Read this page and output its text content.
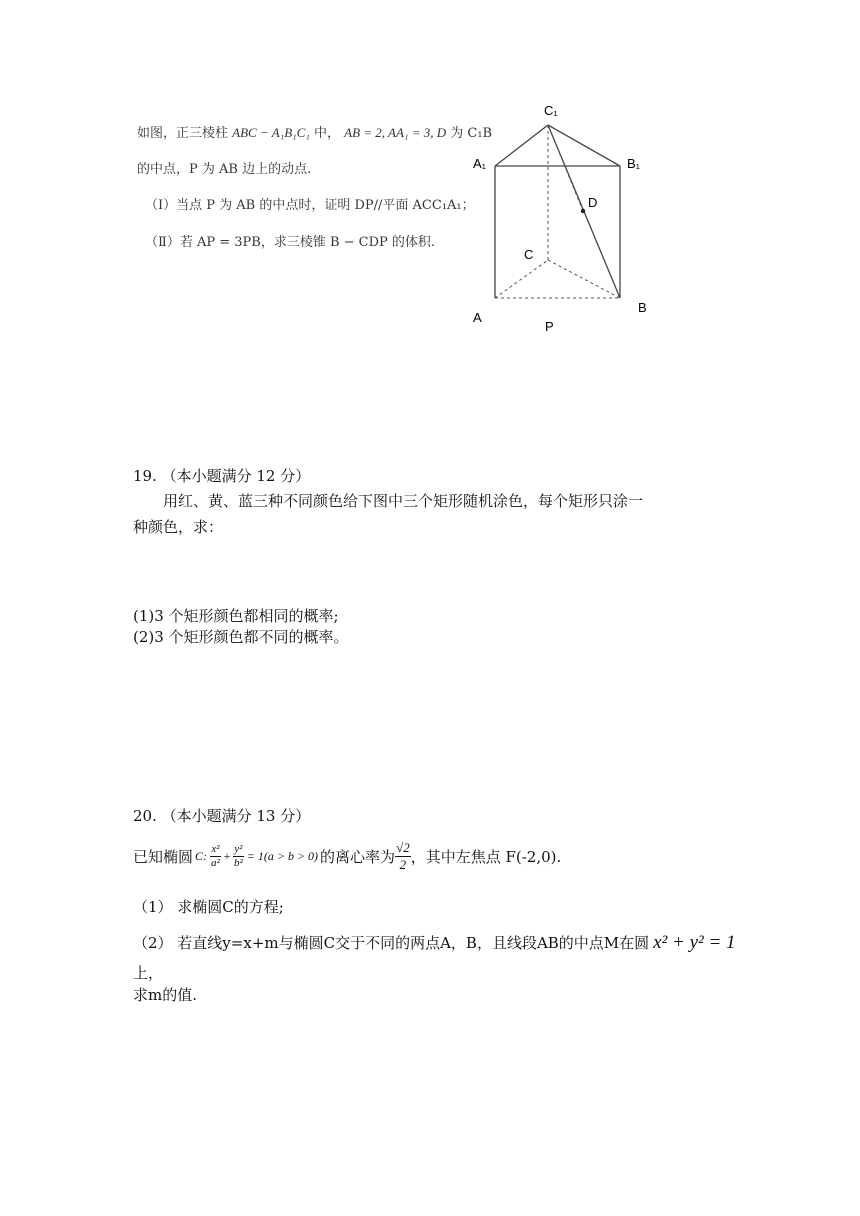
如图，正三棱柱 ABC − A₁B₁C₁ 中， AB = 2, AA₁ = 3, D 为 C₁B
的中点，P 为 AB 边上的动点.
（Ⅰ）当点 P 为 AB 的中点时，证明 DP//平面 ACC₁A₁；
（Ⅱ）若 AP = 3PB，求三棱锥 B − CDP 的体积.
C₁
A₁	B₁
D
C
A
B
P
19. （本小题满分 12 分）
用红、黄、蓝三种不同颜色给下图中三个矩形随机涂色，每个矩形只涂一
种颜色，求：
(1)3 个矩形颜色都相同的概率;
(2)3 个矩形颜色都不同的概率。
20. （本小题满分 13 分）
已知椭圆 C: $\frac{\text{x²}}{\text{a²}} + \frac{\text{y²}}{\text{b²}} = 1(a > b > 0)$ 的离心率为 $\frac{√2}{2}$ ，其中左焦点 F(-2,0).
（1） 求椭圆C的方程;
（2） 若直线y=x+m与椭圆C交于不同的两点A，B，且线段AB的中点M在圆 x² + y² = 1
上，
求m的值.
